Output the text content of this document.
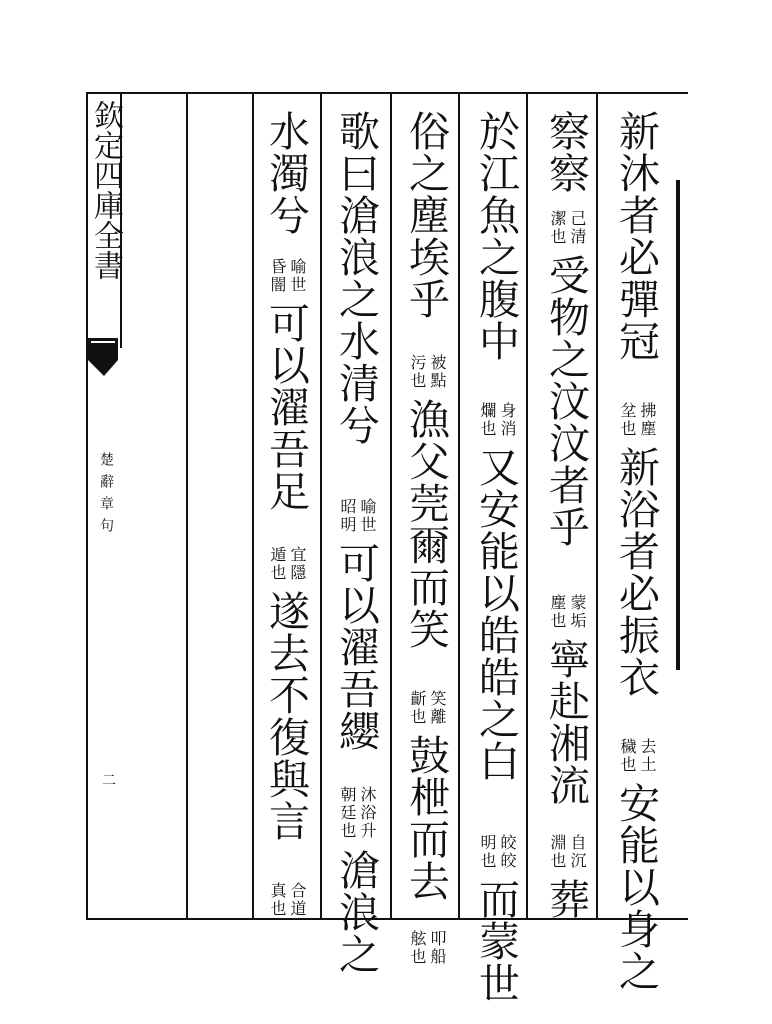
欽定四庫全書
楚辭章句
二
新沐者必彈冠
拂塵
坌也
新浴者必振衣
去土
穢也
安能以身之
察察
己清
潔也
受物之汶汶者乎
蒙垢
塵也
寧赴湘流
自沉
淵也
葬
於江魚之腹中
身消
爛也
又安能以皓皓之白
皎皎
明也
而蒙世
俗之塵埃乎
被點
污也
漁父莞爾而笑
笑離
齗也
鼓枻而去
叩船
舷也
歌曰滄浪之水清兮
喻世
昭明
可以濯吾纓
沐浴升
朝廷也
滄浪之
水濁兮
喻世
昏闇
可以濯吾足
宜隱
遁也
遂去不復與言
合道
真也
